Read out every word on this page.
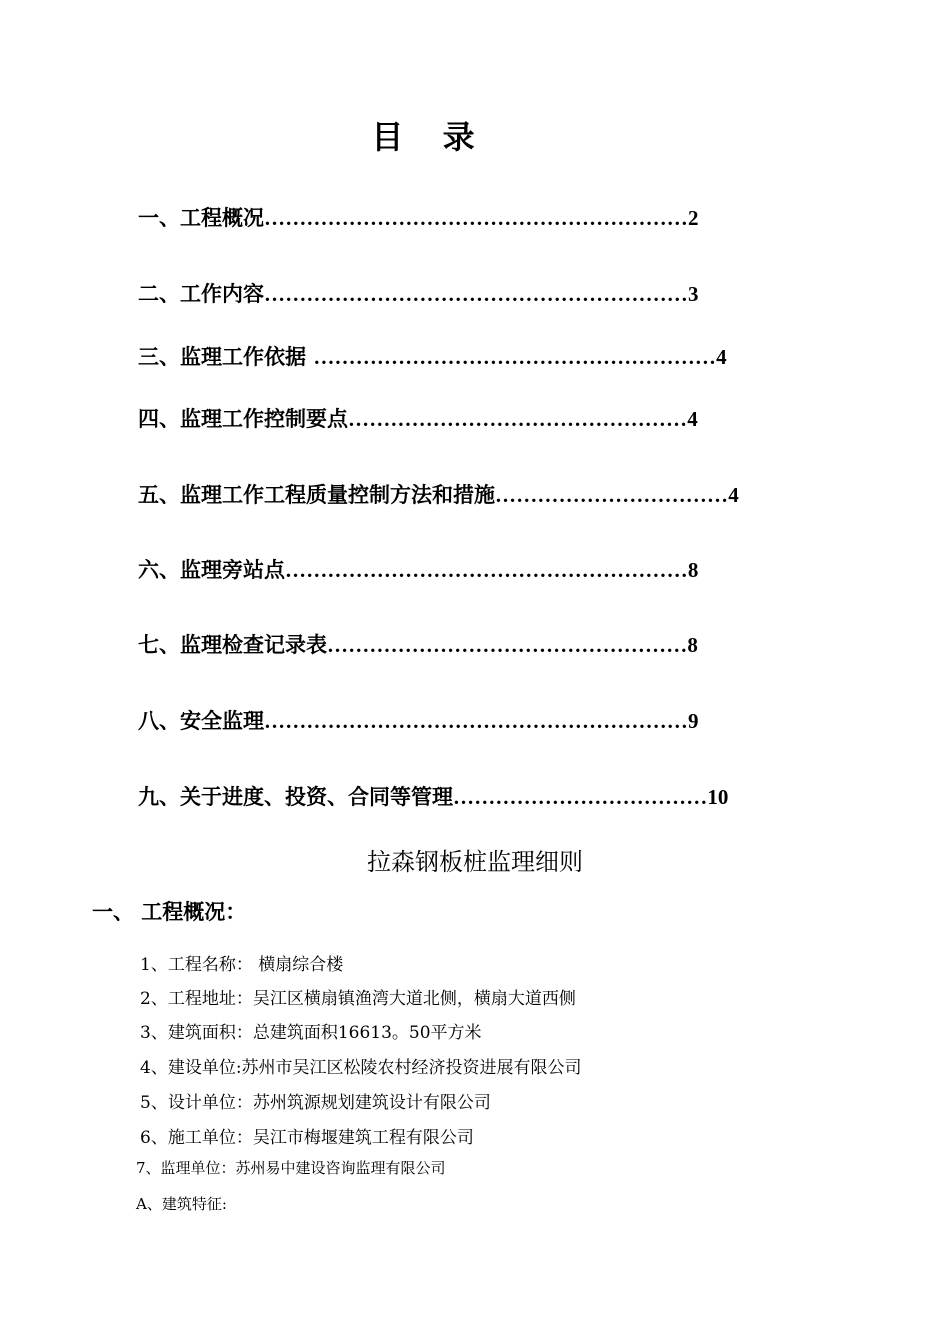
目 录
一、工程概况……………………………………………………2
二、工作内容……………………………………………………3
三、监理工作依据 …………………………………………………4
四、监理工作控制要点…………………………………………4
五、监理工作工程质量控制方法和措施……………………………4
六、监理旁站点…………………………………………………8
七、监理检查记录表……………………………………………8
八、安全监理……………………………………………………9
九、关于进度、投资、合同等管理………………………………10
拉森钢板桩监理细则
一、 工程概况：
1、工程名称： 横扇综合楼
2、工程地址：吴江区横扇镇渔湾大道北侧，横扇大道西侧
3、建筑面积：总建筑面积16613。50平方米
4、建设单位:苏州市吴江区松陵农村经济投资进展有限公司
5、设计单位：苏州筑源规划建筑设计有限公司
6、施工单位：吴江市梅堰建筑工程有限公司
7、监理单位：苏州易中建设咨询监理有限公司
A、建筑特征:
